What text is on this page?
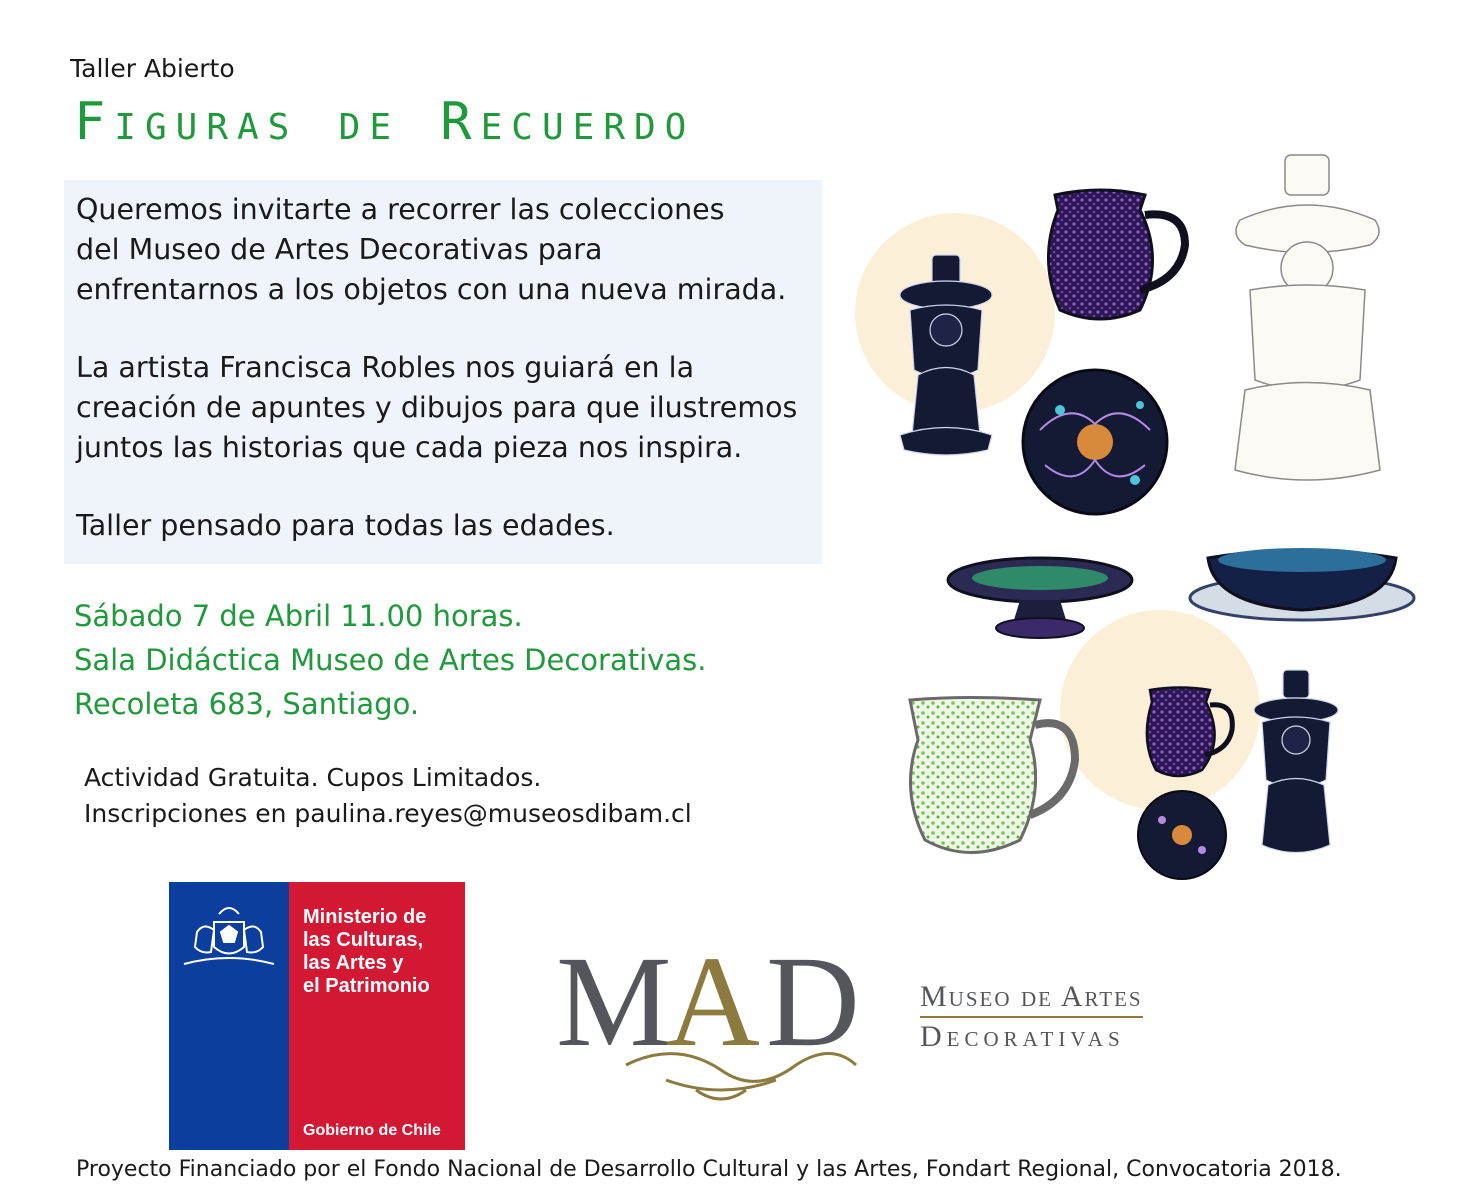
Taller Abierto
Figuras de Recuerdo
Queremos invitarte a recorrer las colecciones
del Museo de Artes Decorativas para
enfrentarnos a los objetos con una nueva mirada.
La artista Francisca Robles nos guiará en la
creación de apuntes y dibujos para que ilustremos
juntos las historias que cada pieza nos inspira.
Taller pensado para todas las edades.
Sábado 7 de Abril 11.00 horas.
Sala Didáctica Museo de Artes Decorativas.
Recoleta 683, Santiago.
Actividad Gratuita. Cupos Limitados.
Inscripciones en paulina.reyes@museosdibam.cl
Ministerio de
las Culturas,
las Artes y
el Patrimonio
Gobierno de Chile
M
A D Museo de Artes
Decorativas
Proyecto Financiado por el Fondo Nacional de Desarrollo Cultural y las Artes, Fondart Regional, Convocatoria 2018.
